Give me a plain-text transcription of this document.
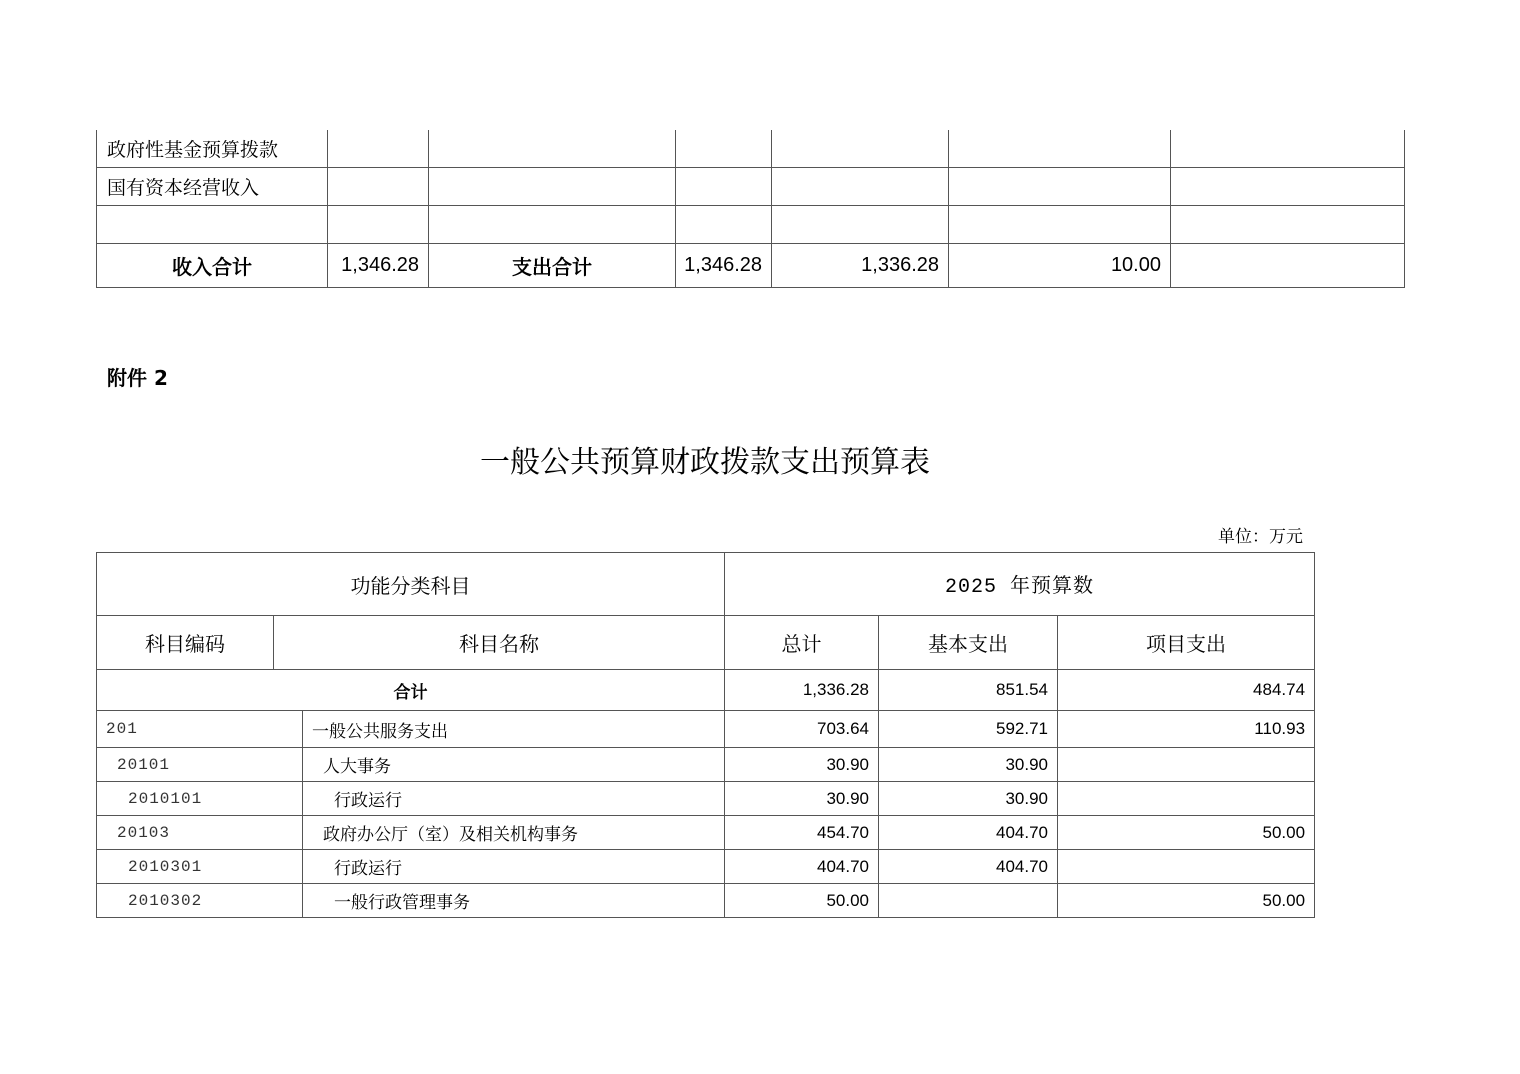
政府性基金预算拨款						
国有资本经营收入						

收入合计	1,346.28	支出合计	1,346.28	1,336.28	10.00	
附件 2
一般公共预算财政拨款支出预算表
单位：万元
功能分类科目			2025 年预算数		
科目编码	科目名称		总计	基本支出	项目支出
合计			1,336.28	851.54	484.74
201		一般公共服务支出	703.64	592.71	110.93
20101		人大事务	30.90	30.90	
2010101		行政运行	30.90	30.90	
20103		政府办公厅（室）及相关机构事务	454.70	404.70	50.00
2010301		行政运行	404.70	404.70	
2010302		一般行政管理事务	50.00		50.00
